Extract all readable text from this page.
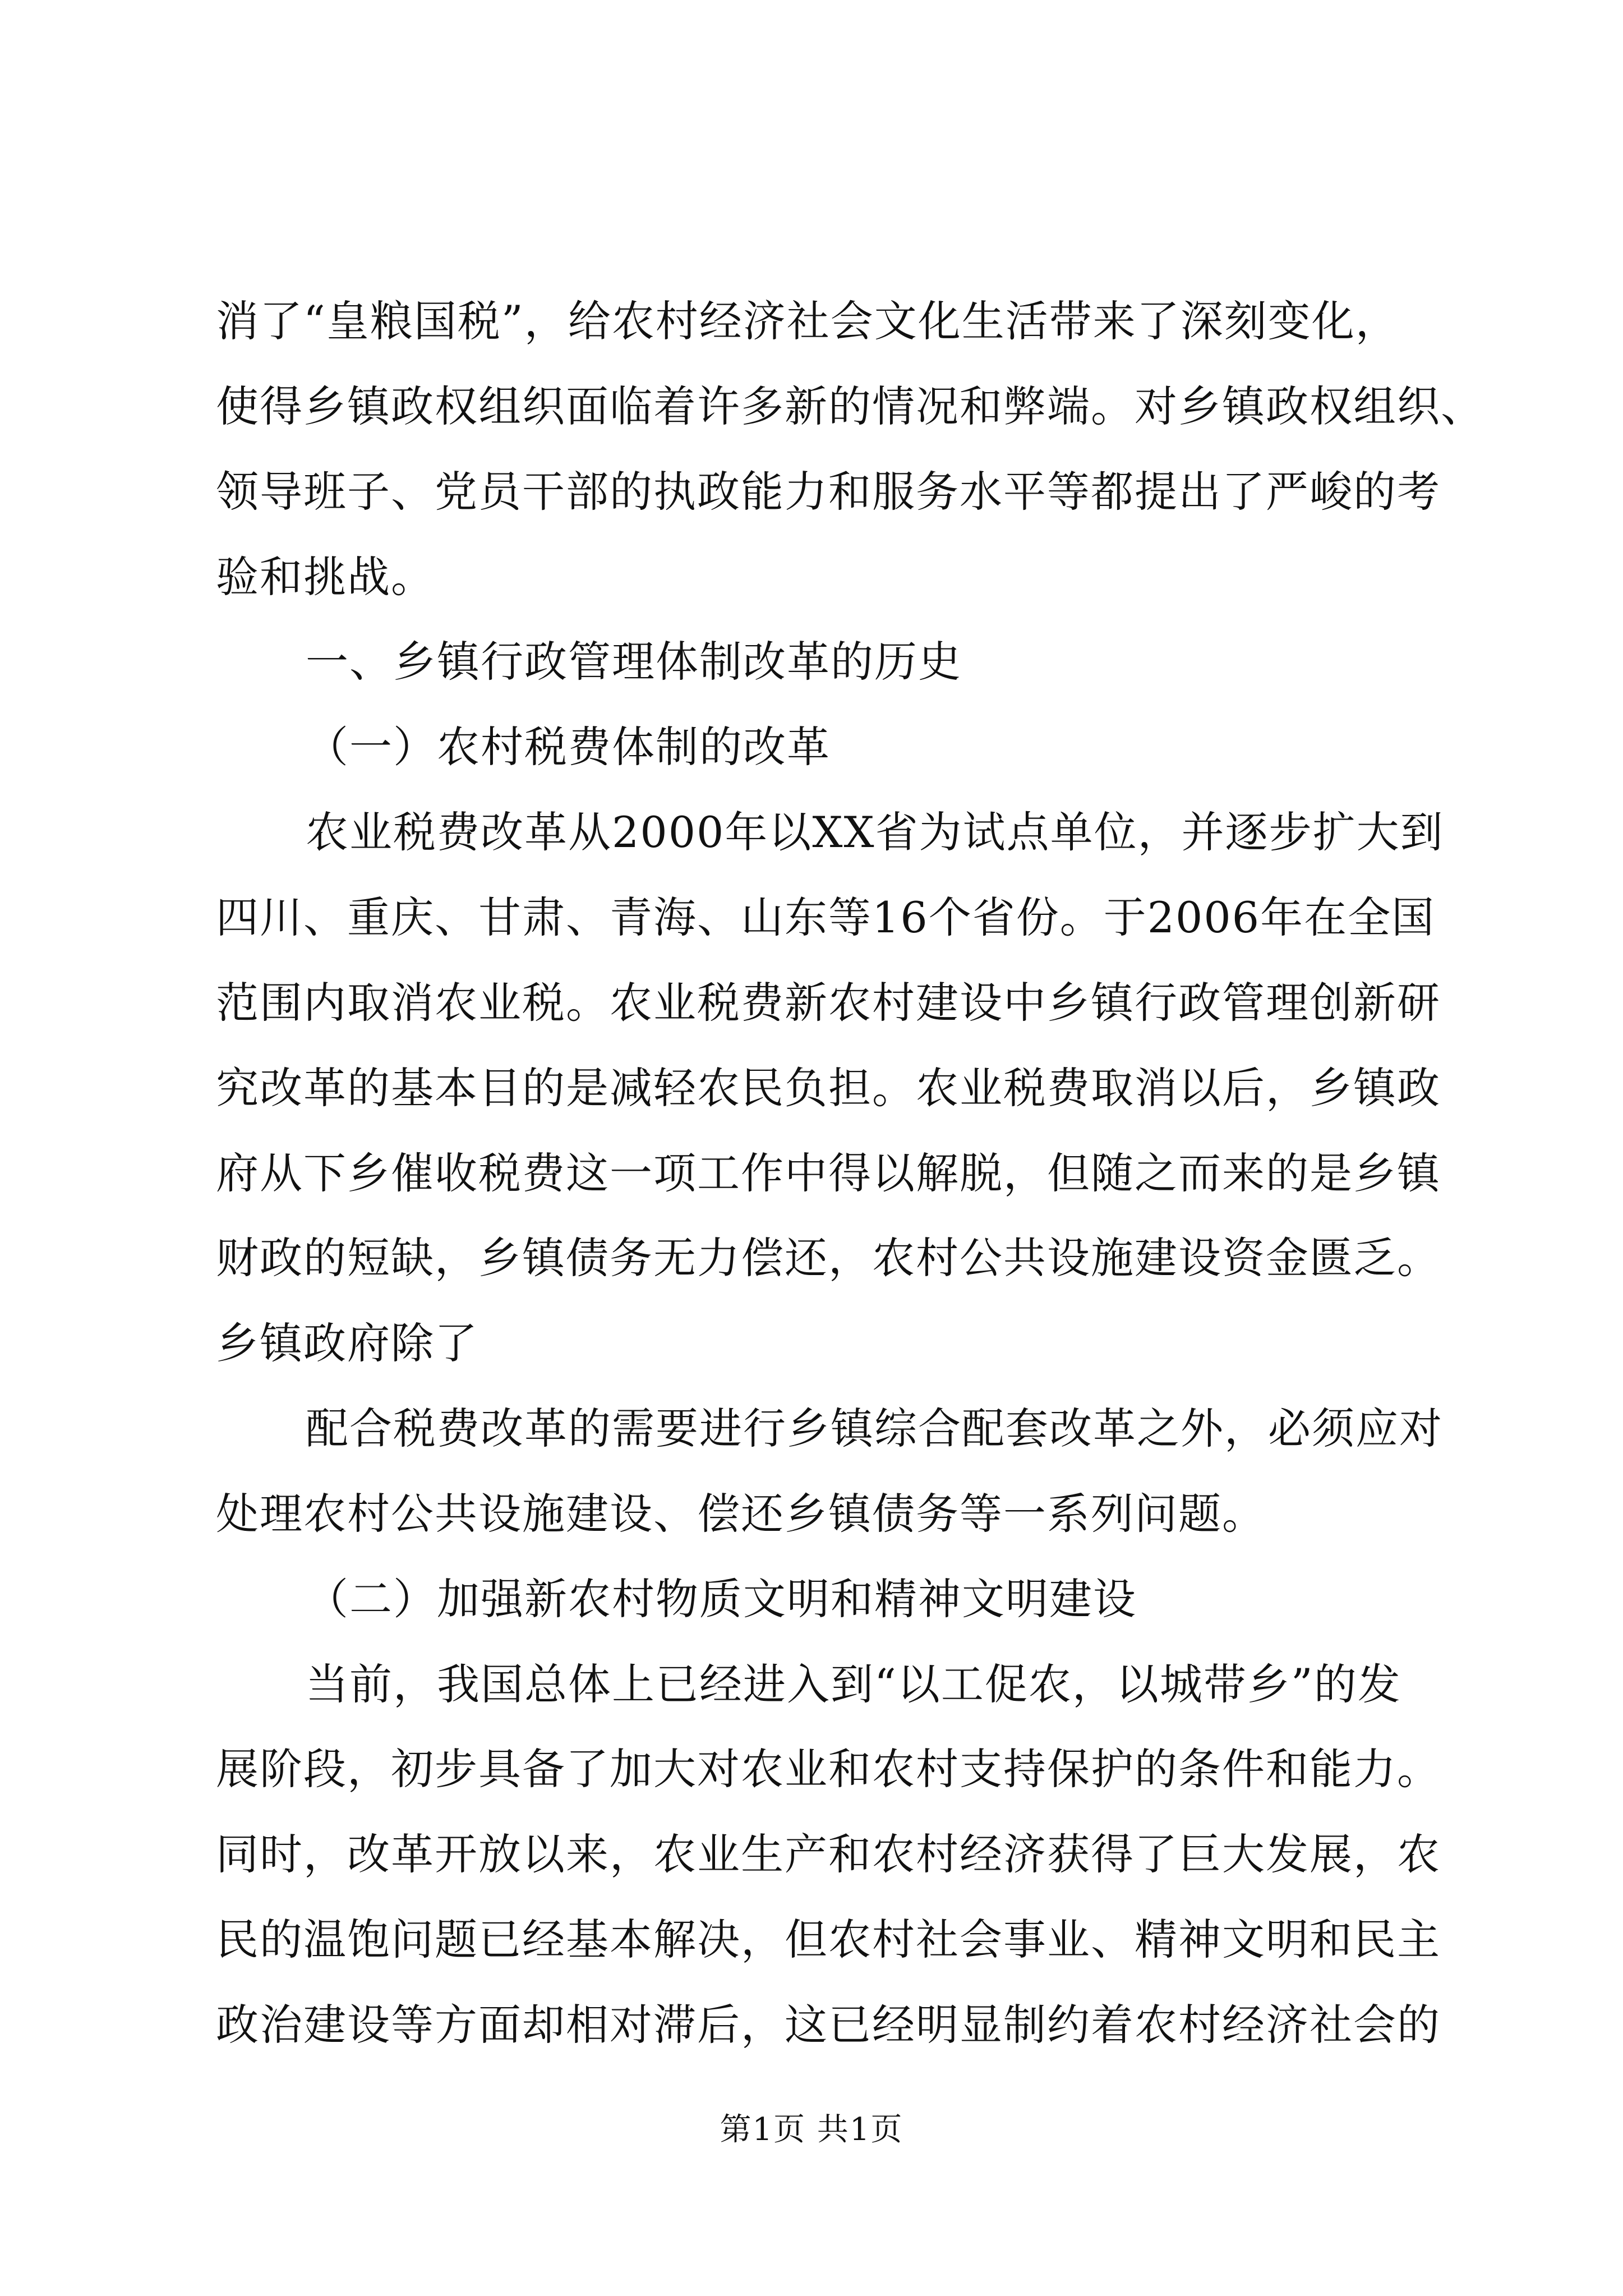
消了“皇粮国税”，给农村经济社会文化生活带来了深刻变化，

使得乡镇政权组织面临着许多新的情况和弊端。对乡镇政权组织、

领导班子、党员干部的执政能力和服务水平等都提出了严峻的考

验和挑战。

一、乡镇行政管理体制改革的历史

（一）农村税费体制的改革

农业税费改革从2000年以XX省为试点单位，并逐步扩大到

四川、重庆、甘肃、青海、山东等16个省份。于2006年在全国

范围内取消农业税。农业税费新农村建设中乡镇行政管理创新研

究改革的基本目的是减轻农民负担。农业税费取消以后，乡镇政

府从下乡催收税费这一项工作中得以解脱，但随之而来的是乡镇

财政的短缺，乡镇债务无力偿还，农村公共设施建设资金匮乏。

乡镇政府除了

配合税费改革的需要进行乡镇综合配套改革之外，必须应对

处理农村公共设施建设、偿还乡镇债务等一系列问题。

（二）加强新农村物质文明和精神文明建设

当前，我国总体上已经进入到“以工促农，以城带乡”的发

展阶段，初步具备了加大对农业和农村支持保护的条件和能力。

同时，改革开放以来，农业生产和农村经济获得了巨大发展，农

民的温饱问题已经基本解决，但农村社会事业、精神文明和民主

政治建设等方面却相对滞后，这已经明显制约着农村经济社会的

第1页 共1页
